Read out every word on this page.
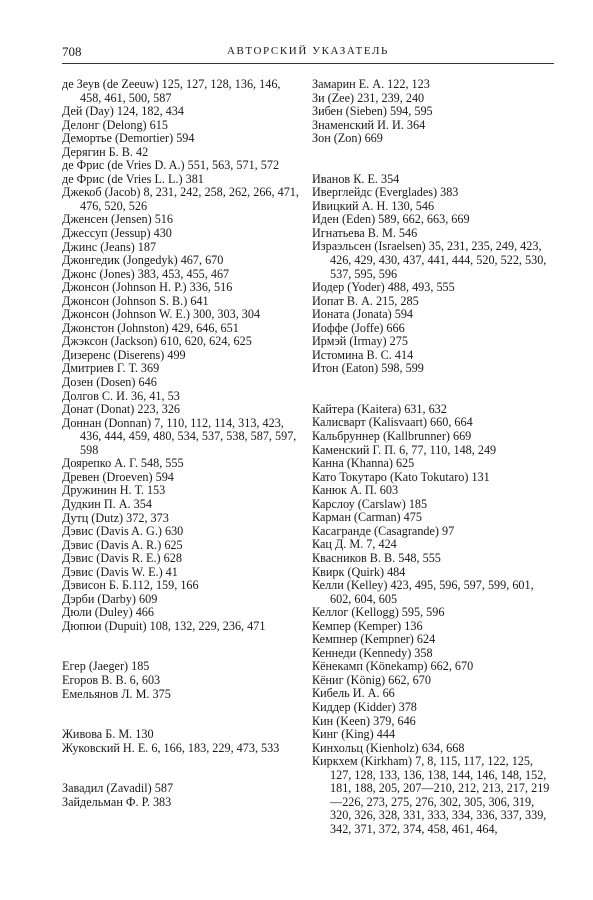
708	АВТОРСКИЙ УКАЗАТЕЛЬ

де Зеув (de Zeeuw) 125, 127, 128, 136, 146, 458, 461, 500, 587

Дей (Day) 124, 182, 434

Делонг (Delong) 615

Демортье (Demortier) 594

Дерягин Б. В. 42

де Фрис (de Vries D. A.) 551, 563, 571, 572

де Фрис (de Vries L. L.) 381

Джекоб (Jacob) 8, 231, 242, 258, 262, 266, 471, 476, 520, 526

Дженсен (Jensen) 516

Джессуп (Jessup) 430

Джинс (Jeans) 187

Джонгедик (Jongedyk) 467, 670

Джонс (Jones) 383, 453, 455, 467

Джонсон (Johnson H. P.) 336, 516

Джонсон (Johnson S. B.) 641

Джонсон (Johnson W. E.) 300, 303, 304

Джонстон (Johnston) 429, 646, 651

Джэксон (Jackson) 610, 620, 624, 625

Дизеренс (Diserens) 499

Дмитриев Г. Т. 369

Дозен (Dosen) 646

Долгов С. И. 36, 41, 53

Донат (Donat) 223, 326

Доннан (Donnan) 7, 110, 112, 114, 313, 423, 436, 444, 459, 480, 534, 537, 538, 587, 597, 598

Доярепко А. Г. 548, 555

Древен (Droeven) 594

Дружинин Н. Т. 153

Дудкин П. А. 354

Дутц (Dutz) 372, 373

Дэвис (Davis A. G.) 630

Дэвис (Davis A. R.) 625

Дэвис (Davis R. E.) 628

Дэвис (Davis W. E.) 41

Дэвисон Б. Б.112, 159, 166

Дэрби (Darby) 609

Дюли (Duley) 466

Дюпюи (Dupuit) 108, 132, 229, 236, 471

Егер (Jaeger) 185

Егоров В. В. 6, 603

Емельянов Л. М. 375

Живова Б. М. 130

Жуковский Н. Е. 6, 166, 183, 229, 473, 533

Завадил (Zavadil) 587

Зайдельман Ф. Р. 383

Замарин Е. А. 122, 123

Зи (Zee) 231, 239, 240

Зибен (Sieben) 594, 595

Знаменский И. И. 364

Зон (Zon) 669

Иванов К. Е. 354

Иверглейдс (Everglades) 383

Ивицкий А. Н. 130, 546

Иден (Eden) 589, 662, 663, 669

Игнатьева В. М. 546

Израэльсен (Israelsen) 35, 231, 235, 249, 423, 426, 429, 430, 437, 441, 444, 520, 522, 530, 537, 595, 596

Иодер (Yoder) 488, 493, 555

Иопат В. А. 215, 285

Ионата (Jonata) 594

Иоффе (Joffe) 666

Ирмэй (Irmay) 275

Истомина В. С. 414

Итон (Eaton) 598, 599

Кайтера (Kaitera) 631, 632

Калисварт (Kalisvaart) 660, 664

Кальбруннер (Kallbrunner) 669

Каменский Г. П. 6, 77, 110, 148, 249

Канна (Khanna) 625

Като Токутаро (Kato Tokutaro) 131

Канюк А. П. 603

Карслоу (Carslaw) 185

Карман (Carman) 475

Касагранде (Casagrande) 97

Кац Д. М. 7, 424

Квасников В. В. 548, 555

Квирк (Quirk) 484

Келли (Kelley) 423, 495, 596, 597, 599, 601, 602, 604, 605

Келлог (Kellogg) 595, 596

Кемпер (Kemper) 136

Кемпнер (Kempner) 624

Кеннеди (Kennedy) 358

Кёнекамп (Könekamp) 662, 670

Кёниг (König) 662, 670

Кибель И. А. 66

Киддер (Kidder) 378

Кин (Keen) 379, 646

Кинг (King) 444

Кинхольц (Kienholz) 634, 668

Киркхем (Kirkham) 7, 8, 115, 117, 122, 125, 127, 128, 133, 136, 138, 144, 146, 148, 152, 181, 188, 205, 207—210, 212, 213, 217, 219—226, 273, 275, 276, 302, 305, 306, 319, 320, 326, 328, 331, 333, 334, 336, 337, 339, 342, 371, 372, 374, 458, 461, 464,
